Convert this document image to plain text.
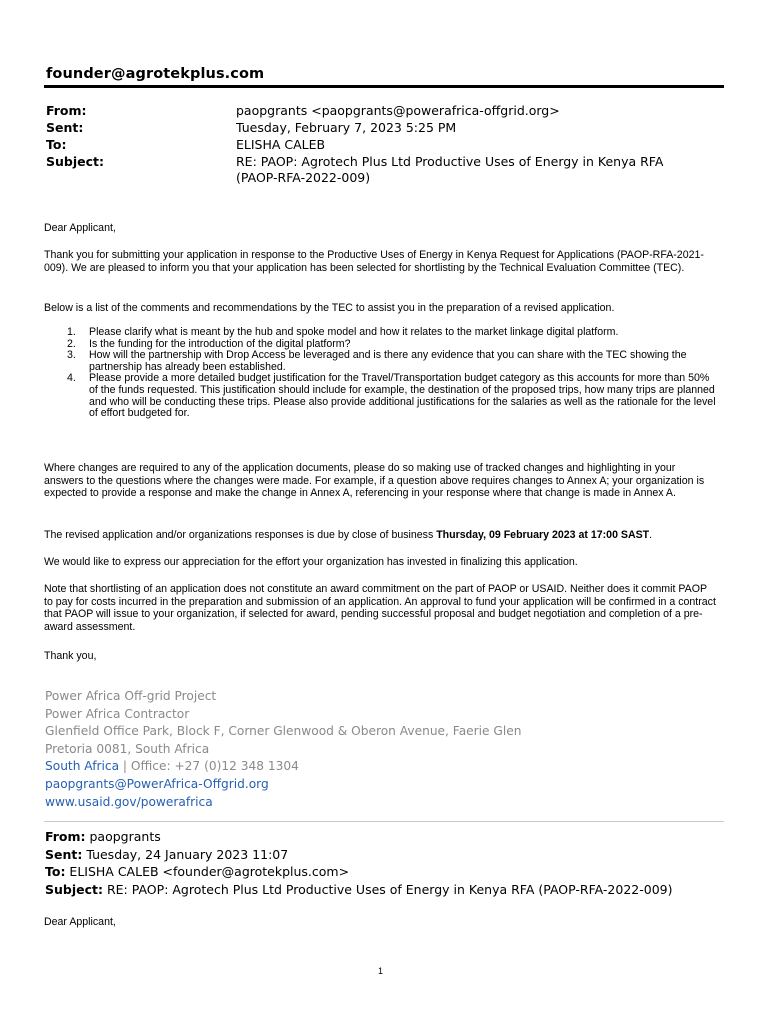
founder@agrotekplus.com
From:	paopgrants <paopgrants@powerafrica-offgrid.org>
Sent:	Tuesday, February 7, 2023 5:25 PM
To:	ELISHA CALEB
Subject:	RE: PAOP: Agrotech Plus Ltd Productive Uses of Energy in Kenya RFA (PAOP-RFA-2022-009)

Dear Applicant,

Thank you for submitting your application in response to the Productive Uses of Energy in Kenya Request for Applications (PAOP-RFA-2021-009). We are pleased to inform you that your application has been selected for shortlisting by the Technical Evaluation Committee (TEC).

Below is a list of the comments and recommendations by the TEC to assist you in the preparation of a revised application.

1. Please clarify what is meant by the hub and spoke model and how it relates to the market linkage digital platform.
2. Is the funding for the introduction of the digital platform?
3. How will the partnership with Drop Access be leveraged and is there any evidence that you can share with the TEC showing the partnership has already been established.
4. Please provide a more detailed budget justification for the Travel/Transportation budget category as this accounts for more than 50% of the funds requested. This justification should include for example, the destination of the proposed trips, how many trips are planned and who will be conducting these trips. Please also provide additional justifications for the salaries as well as the rationale for the level of effort budgeted for.

Where changes are required to any of the application documents, please do so making use of tracked changes and highlighting in your answers to the questions where the changes were made. For example, if a question above requires changes to Annex A; your organization is expected to provide a response and make the change in Annex A, referencing in your response where that change is made in Annex A.

The revised application and/or organizations responses is due by close of business Thursday, 09 February 2023 at 17:00 SAST.

We would like to express our appreciation for the effort your organization has invested in finalizing this application.

Note that shortlisting of an application does not constitute an award commitment on the part of PAOP or USAID. Neither does it commit PAOP to pay for costs incurred in the preparation and submission of an application. An approval to fund your application will be confirmed in a contract that PAOP will issue to your organization, if selected for award, pending successful proposal and budget negotiation and completion of a pre-award assessment.

Thank you,

Power Africa Off-grid Project
Power Africa Contractor
Glenfield Office Park, Block F, Corner Glenwood & Oberon Avenue, Faerie Glen
Pretoria 0081, South Africa
South Africa | Office: +27 (0)12 348 1304
paopgrants@PowerAfrica-Offgrid.org
www.usaid.gov/powerafrica
From: paopgrants
Sent: Tuesday, 24 January 2023 11:07
To: ELISHA CALEB <founder@agrotekplus.com>
Subject: RE: PAOP: Agrotech Plus Ltd Productive Uses of Energy in Kenya RFA (PAOP-RFA-2022-009)

Dear Applicant,

1
